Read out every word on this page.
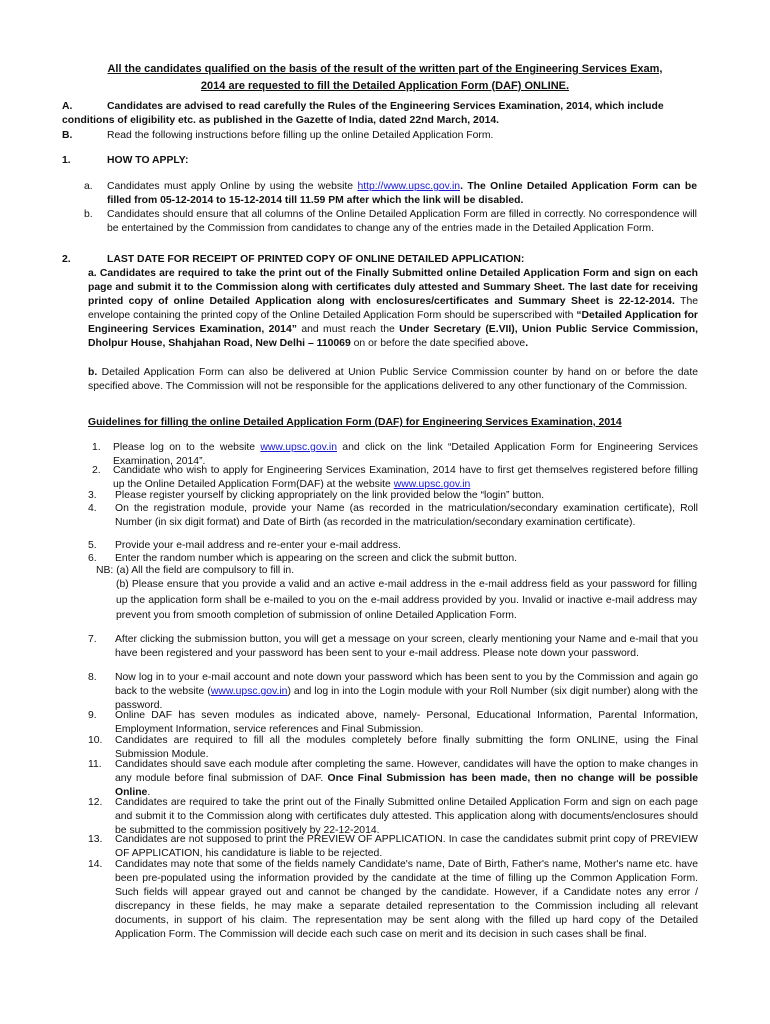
All the candidates qualified on the basis of the result of the written part of the Engineering Services Exam,
2014 are requested to fill the Detailed Application Form (DAF) ONLINE.
A.	Candidates are advised to read carefully the Rules of the Engineering Services Examination, 2014, which include
conditions of eligibility etc. as published in the Gazette of India, dated 22nd March, 2014.
B.	Read the following instructions before filling up the online Detailed Application Form.
1.	HOW TO APPLY:
a. Candidates must apply Online by using the website http://www.upsc.gov.in. The Online Detailed Application Form can be filled from 05-12-2014 to 15-12-2014 till 11.59 PM after which the link will be disabled.
b. Candidates should ensure that all columns of the Online Detailed Application Form are filled in correctly. No correspondence will be entertained by the Commission from candidates to change any of the entries made in the Detailed Application Form.
2.	LAST DATE FOR RECEIPT OF PRINTED COPY OF ONLINE DETAILED APPLICATION:
a. Candidates are required to take the print out of the Finally Submitted online Detailed Application Form and sign on each page and submit it to the Commission along with certificates duly attested and Summary Sheet. The last date for receiving printed copy of online Detailed Application along with enclosures/certificates and Summary Sheet is 22-12-2014. The envelope containing the printed copy of the Online Detailed Application Form should be superscribed with “Detailed Application for Engineering Services Examination, 2014” and must reach the Under Secretary (E.VII), Union Public Service Commission, Dholpur House, Shahjahan Road, New Delhi – 110069 on or before the date specified above.
b. Detailed Application Form can also be delivered at Union Public Service Commission counter by hand on or before the date specified above. The Commission will not be responsible for the applications delivered to any other functionary of the Commission.
Guidelines for filling the online Detailed Application Form (DAF) for Engineering Services Examination, 2014
1.	Please log on to the website www.upsc.gov.in and click on the link “Detailed Application Form for Engineering Services Examination, 2014”.
2.	Candidate who wish to apply for Engineering Services Examination, 2014 have to first get themselves registered before filling up the Online Detailed Application Form(DAF) at the website www.upsc.gov.in
3.	Please register yourself by clicking appropriately on the link provided below the “login” button.
4.	On the registration module, provide your Name (as recorded in the matriculation/secondary examination certificate), Roll Number (in six digit format) and Date of Birth (as recorded in the matriculation/secondary examination certificate).
5.	Provide your e-mail address and re-enter your e-mail address.
6.	Enter the random number which is appearing on the screen and click the submit button.
NB: (a) All the field are compulsory to fill in.
(b) Please ensure that you provide a valid and an active e-mail address in the e-mail address field as your password for filling up the application form shall be e-mailed to you on the e-mail address provided by you. Invalid or inactive e-mail address may prevent you from smooth completion of submission of online Detailed Application Form.
7.	After clicking the submission button, you will get a message on your screen, clearly mentioning your Name and e-mail that you have been registered and your password has been sent to your e-mail address. Please note down your password.
8.	Now log in to your e-mail account and note down your password which has been sent to you by the Commission and again go back to the website (www.upsc.gov.in) and log in into the Login module with your Roll Number (six digit number) along with the password.
9.	Online DAF has seven modules as indicated above, namely- Personal, Educational Information, Parental Information, Employment Information, service references and Final Submission.
10.	Candidates are required to fill all the modules completely before finally submitting the form ONLINE, using the Final Submission Module.
11.	Candidates should save each module after completing the same. However, candidates will have the option to make changes in any module before final submission of DAF. Once Final Submission has been made, then no change will be possible Online.
12.	Candidates are required to take the print out of the Finally Submitted online Detailed Application Form and sign on each page and submit it to the Commission along with certificates duly attested. This application along with documents/enclosures should be submitted to the commission positively by 22-12-2014.
13.	Candidates are not supposed to print the PREVIEW OF APPLICATION. In case the candidates submit print copy of PREVIEW OF APPLICATION, his candidature is liable to be rejected.
14.	Candidates may note that some of the fields namely Candidate's name, Date of Birth, Father's name, Mother's name etc. have been pre-populated using the information provided by the candidate at the time of filling up the Common Application Form. Such fields will appear grayed out and cannot be changed by the candidate. However, if a Candidate notes any error / discrepancy in these fields, he may make a separate detailed representation to the Commission including all relevant documents, in support of his claim. The representation may be sent along with the filled up hard copy of the Detailed Application Form. The Commission will decide each such case on merit and its decision in such cases shall be final.
